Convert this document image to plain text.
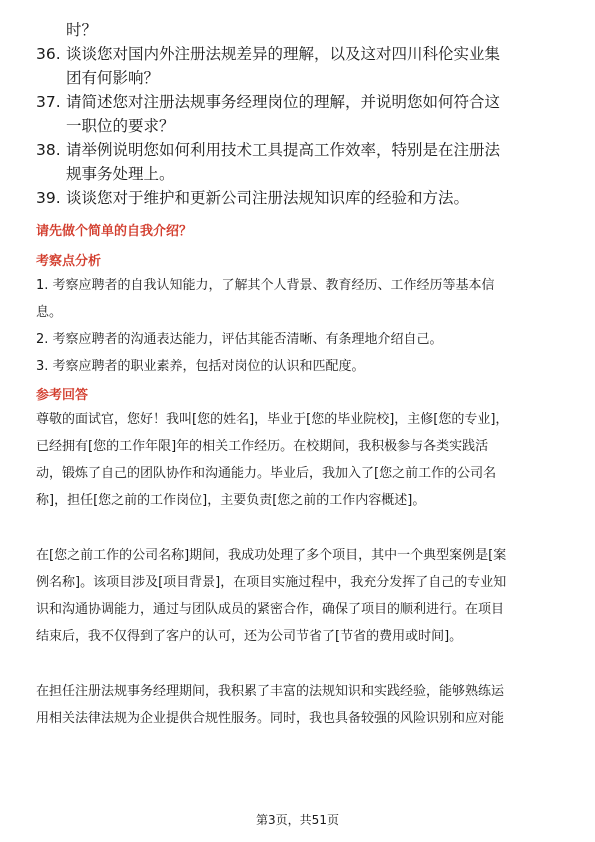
时？
36. 谈谈您对国内外注册法规差异的理解，以及这对四川科伦实业集
团有何影响？
37. 请简述您对注册法规事务经理岗位的理解，并说明您如何符合这
一职位的要求？
38. 请举例说明您如何利用技术工具提高工作效率，特别是在注册法
规事务处理上。
39. 谈谈您对于维护和更新公司注册法规知识库的经验和方法。
请先做个简单的自我介绍？
考察点分析

1. 考察应聘者的自我认知能力，了解其个人背景、教育经历、工作经历等基本信

息。

2. 考察应聘者的沟通表达能力，评估其能否清晰、有条理地介绍自己。

3. 考察应聘者的职业素养，包括对岗位的认识和匹配度。

参考回答

尊敬的面试官，您好！我叫[您的姓名]，毕业于[您的毕业院校]，主修[您的专业]，

已经拥有[您的工作年限]年的相关工作经历。在校期间，我积极参与各类实践活

动，锻炼了自己的团队协作和沟通能力。毕业后，我加入了[您之前工作的公司名

称]，担任[您之前的工作岗位]，主要负责[您之前的工作内容概述]。

在[您之前工作的公司名称]期间，我成功处理了多个项目，其中一个典型案例是[案

例名称]。该项目涉及[项目背景]，在项目实施过程中，我充分发挥了自己的专业知

识和沟通协调能力，通过与团队成员的紧密合作，确保了项目的顺利进行。在项目

结束后，我不仅得到了客户的认可，还为公司节省了[节省的费用或时间]。

在担任注册法规事务经理期间，我积累了丰富的法规知识和实践经验，能够熟练运

用相关法律法规为企业提供合规性服务。同时，我也具备较强的风险识别和应对能

第3页，共51页
